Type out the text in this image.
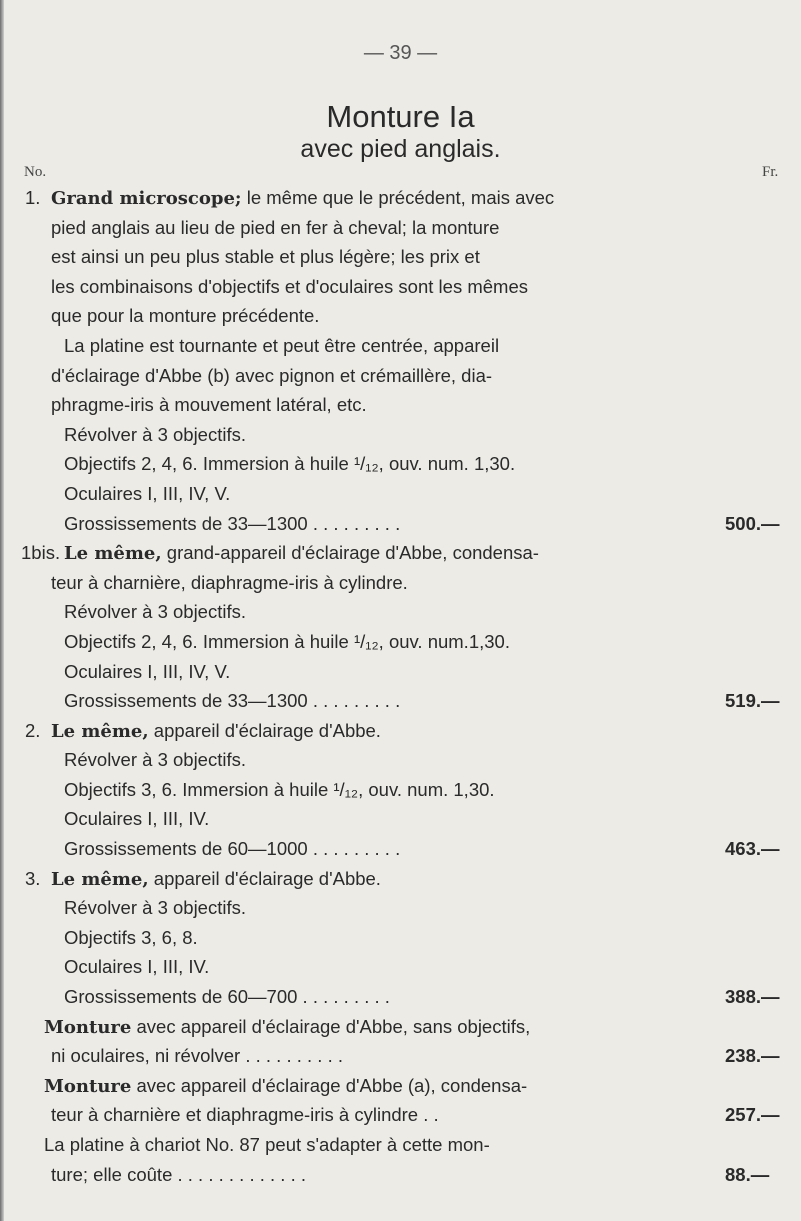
— 39 —
Monture Ia
avec pied anglais.
No.	Fr.
1. Grand microscope; le même que le précédent, mais avec
pied anglais au lieu de pied en fer à cheval; la monture
est ainsi un peu plus stable et plus légère; les prix et
les combinaisons d'objectifs et d'oculaires sont les mêmes
que pour la monture précédente.
La platine est tournante et peut être centrée, appareil
d'éclairage d'Abbe (b) avec pignon et crémaillère, dia-
phragme-iris à mouvement latéral, etc.
Révolver à 3 objectifs.
Objectifs 2, 4, 6. Immersion à huile ¹/₁₂, ouv. num. 1,30.
Oculaires I, III, IV, V.
Grossissements de 33—1300 . . . . . . . . .	500.—
1bis. Le même, grand-appareil d'éclairage d'Abbe, condensa-
teur à charnière, diaphragme-iris à cylindre.
Révolver à 3 objectifs.
Objectifs 2, 4, 6. Immersion à huile ¹/₁₂, ouv. num.1,30.
Oculaires I, III, IV, V.
Grossissements de 33—1300 . . . . . . . . .	519.—
2. Le même, appareil d'éclairage d'Abbe.
Révolver à 3 objectifs.
Objectifs 3, 6. Immersion à huile ¹/₁₂, ouv. num. 1,30.
Oculaires I, III, IV.
Grossissements de 60—1000 . . . . . . . . .	463.—
3. Le même, appareil d'éclairage d'Abbe.
Révolver à 3 objectifs.
Objectifs 3, 6, 8.
Oculaires I, III, IV.
Grossissements de 60—700 . . . . . . . . .	388.—
Monture avec appareil d'éclairage d'Abbe, sans objectifs,
ni oculaires, ni révolver . . . . . . . . . .	238.—
Monture avec appareil d'éclairage d'Abbe (a), condensa-
teur à charnière et diaphragme-iris à cylindre . .	257.—
La platine à chariot No. 87 peut s'adapter à cette mon-
ture; elle coûte . . . . . . . . . . . . .	88.—
